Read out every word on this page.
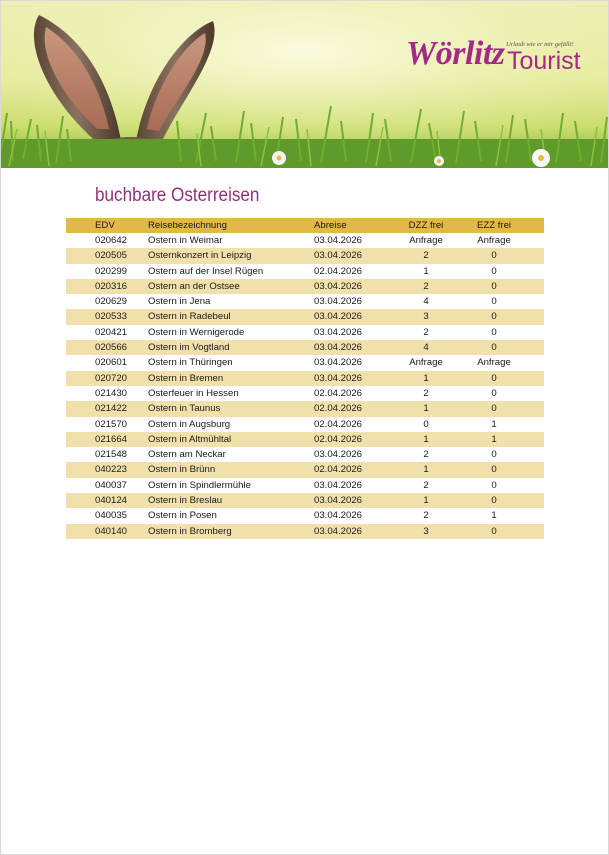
Wörlitz Urlaub wie er mir gefällt!
Tourist
buchbare Osterreisen
EDV	Reisebezeichnung	Abreise	DZZ frei	EZZ frei
020642	Ostern in Weimar	03.04.2026	Anfrage	Anfrage
020505	Osternkonzert in Leipzig	03.04.2026	2	0
020299	Ostern auf der Insel Rügen	02.04.2026	1	0
020316	Ostern an der Ostsee	03.04.2026	2	0
020629	Ostern in Jena	03.04.2026	4	0
020533	Ostern in Radebeul	03.04.2026	3	0
020421	Ostern in Wernigerode	03.04.2026	2	0
020566	Ostern im Vogtland	03.04.2026	4	0
020601	Ostern in Thüringen	03.04.2026	Anfrage	Anfrage
020720	Ostern in Bremen	03.04.2026	1	0
021430	Osterfeuer in Hessen	02.04.2026	2	0
021422	Ostern in Taunus	02.04.2026	1	0
021570	Ostern in Augsburg	02.04.2026	0	1
021664	Ostern in Altmühltal	02.04.2026	1	1
021548	Ostern am Neckar	03.04.2026	2	0
040223	Ostern in Brünn	02.04.2026	1	0
040037	Ostern in Spindlermühle	03.04.2026	2	0
040124	Ostern in Breslau	03.04.2026	1	0
040035	Ostern in Posen	03.04.2026	2	1
040140	Ostern in Bromberg	03.04.2026	3	0
